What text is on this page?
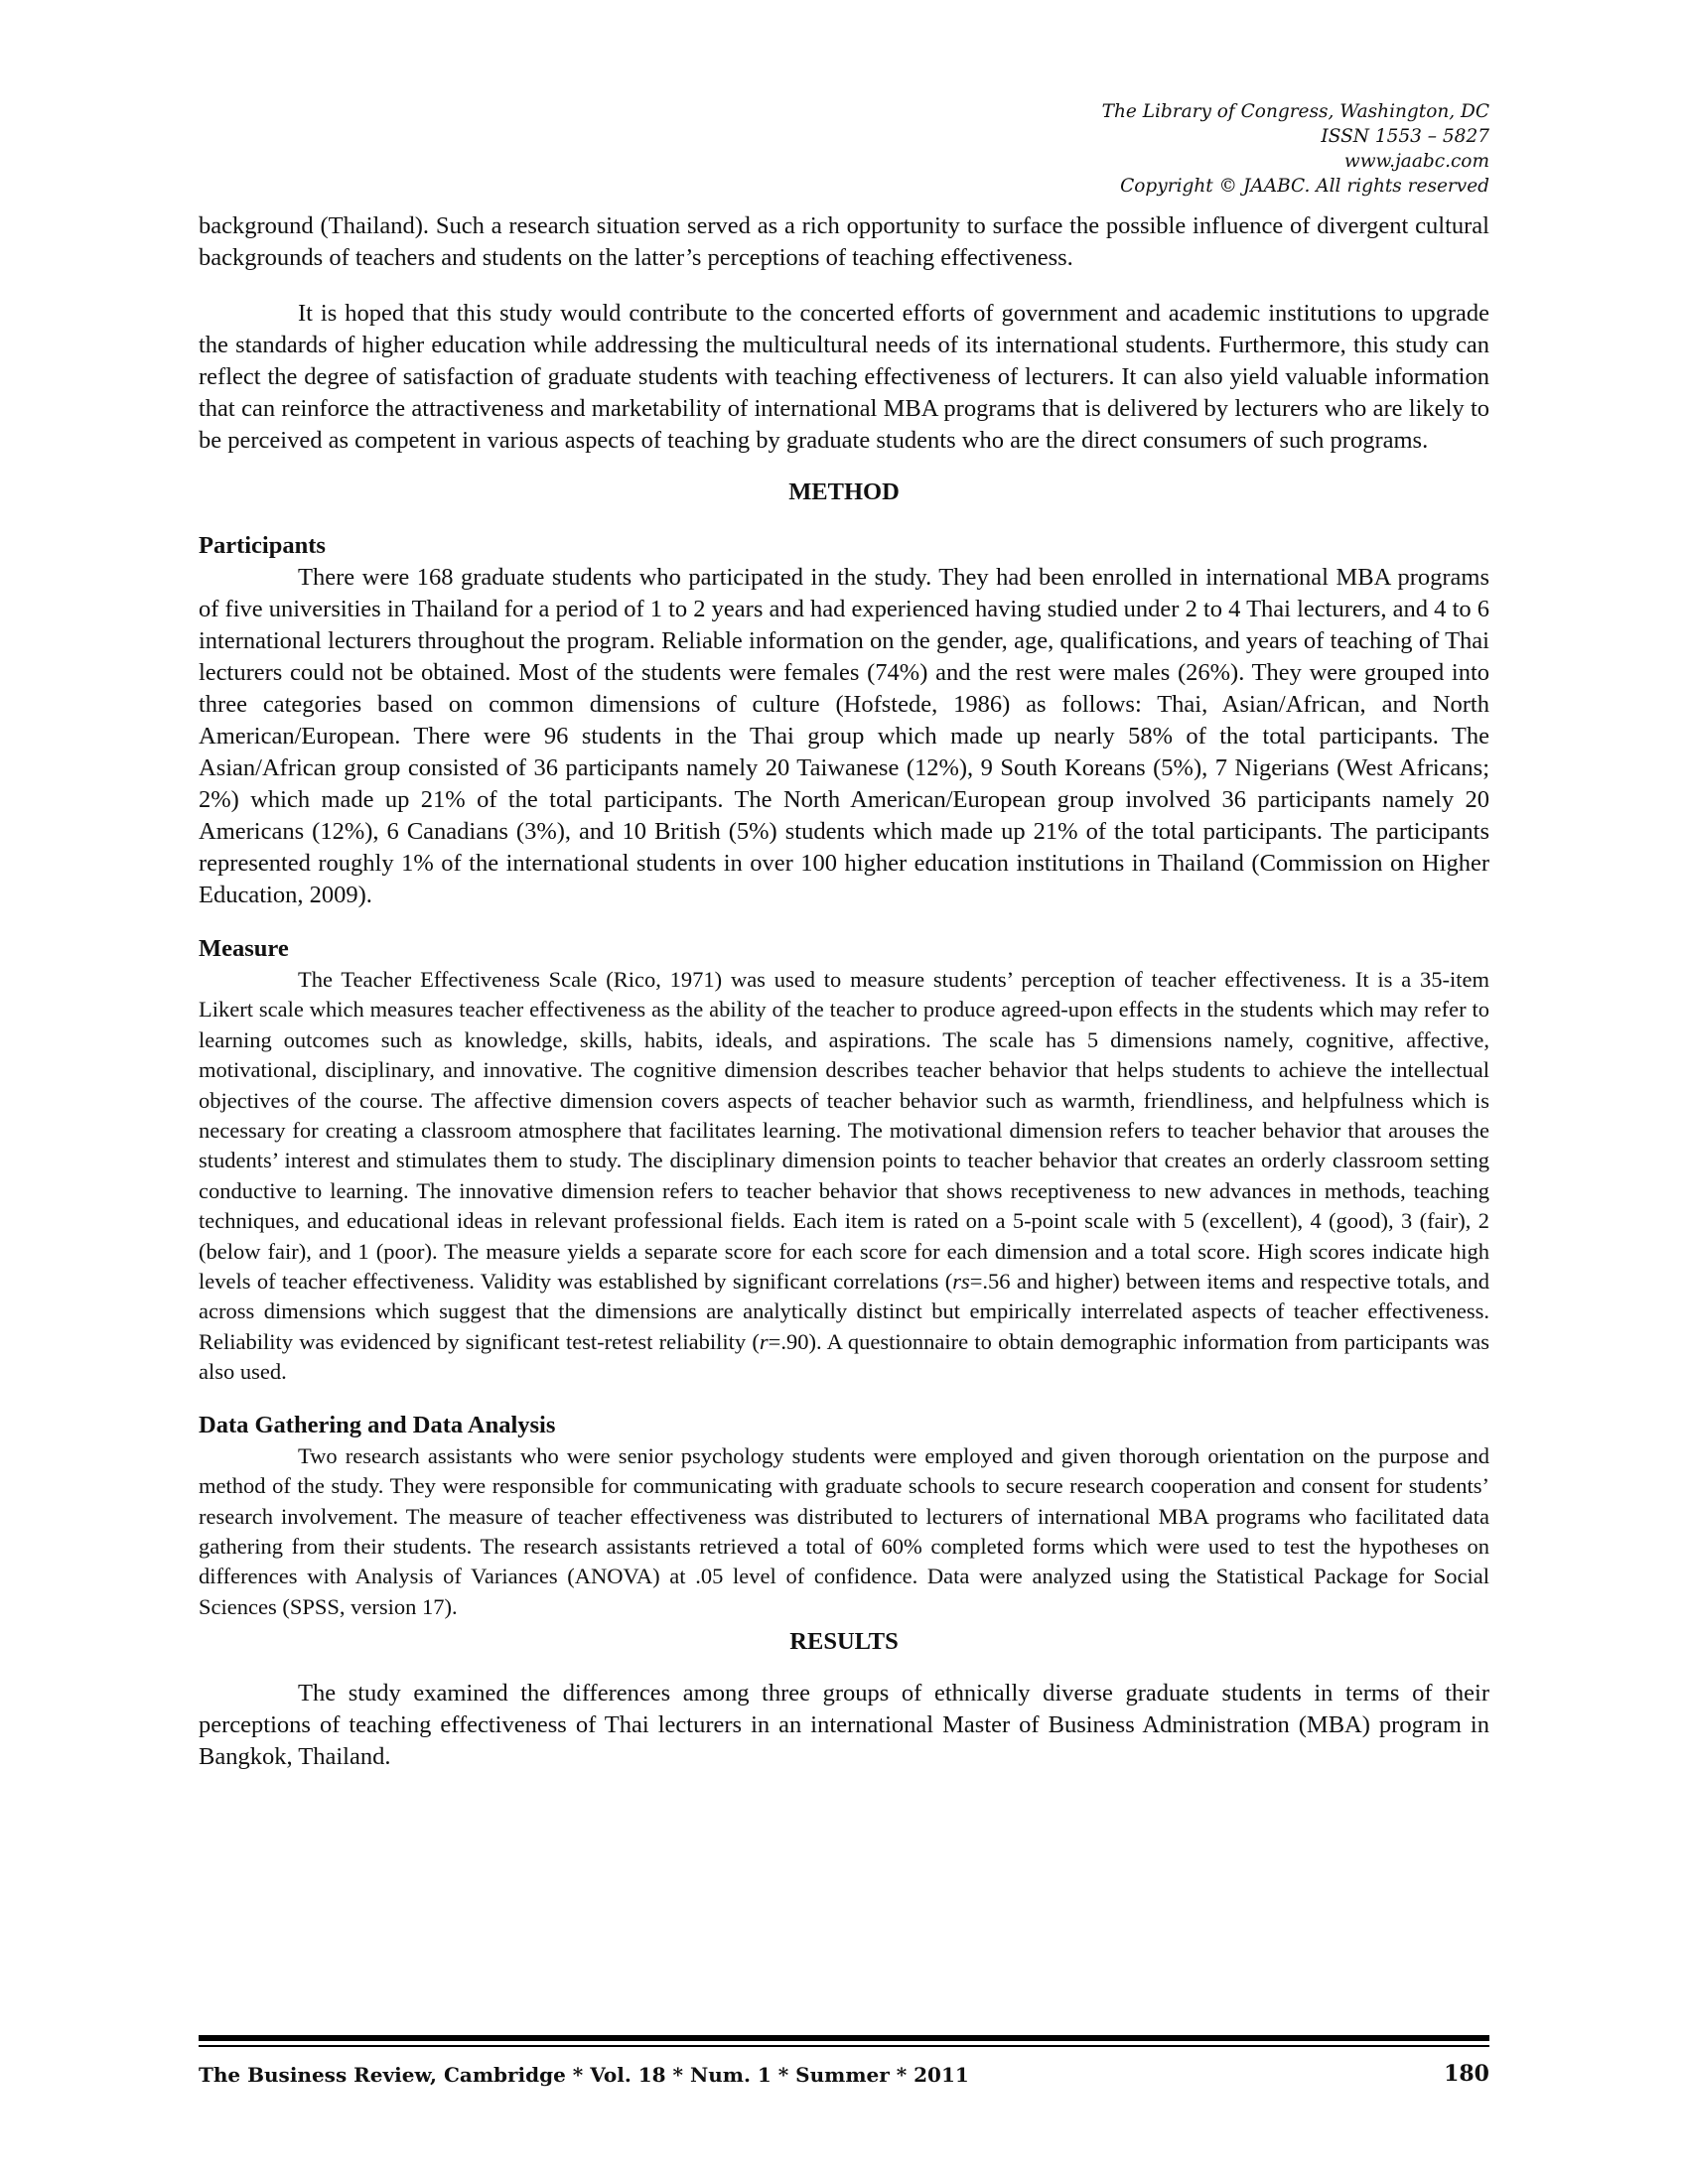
The Library of Congress, Washington, DC
ISSN 1553 – 5827
www.jaabc.com
Copyright © JAABC. All rights reserved

background (Thailand). Such a research situation served as a rich opportunity to surface the possible influence of divergent cultural backgrounds of teachers and students on the latter’s perceptions of teaching effectiveness.

It is hoped that this study would contribute to the concerted efforts of government and academic institutions to upgrade the standards of higher education while addressing the multicultural needs of its international students. Furthermore, this study can reflect the degree of satisfaction of graduate students with teaching effectiveness of lecturers. It can also yield valuable information that can reinforce the attractiveness and marketability of international MBA programs that is delivered by lecturers who are likely to be perceived as competent in various aspects of teaching by graduate students who are the direct consumers of such programs.

METHOD
Participants

There were 168 graduate students who participated in the study. They had been enrolled in international MBA programs of five universities in Thailand for a period of 1 to 2 years and had experienced having studied under 2 to 4 Thai lecturers, and 4 to 6 international lecturers throughout the program. Reliable information on the gender, age, qualifications, and years of teaching of Thai lecturers could not be obtained. Most of the students were females (74%) and the rest were males (26%). They were grouped into three categories based on common dimensions of culture (Hofstede, 1986) as follows: Thai, Asian/African, and North American/European. There were 96 students in the Thai group which made up nearly 58% of the total participants. The Asian/African group consisted of 36 participants namely 20 Taiwanese (12%), 9 South Koreans (5%), 7 Nigerians (West Africans; 2%) which made up 21% of the total participants. The North American/European group involved 36 participants namely 20 Americans (12%), 6 Canadians (3%), and 10 British (5%) students which made up 21% of the total participants. The participants represented roughly 1% of the international students in over 100 higher education institutions in Thailand (Commission on Higher Education, 2009).

Measure

The Teacher Effectiveness Scale (Rico, 1971) was used to measure students’ perception of teacher effectiveness. It is a 35-item Likert scale which measures teacher effectiveness as the ability of the teacher to produce agreed-upon effects in the students which may refer to learning outcomes such as knowledge, skills, habits, ideals, and aspirations. The scale has 5 dimensions namely, cognitive, affective, motivational, disciplinary, and innovative. The cognitive dimension describes teacher behavior that helps students to achieve the intellectual objectives of the course. The affective dimension covers aspects of teacher behavior such as warmth, friendliness, and helpfulness which is necessary for creating a classroom atmosphere that facilitates learning. The motivational dimension refers to teacher behavior that arouses the students’ interest and stimulates them to study. The disciplinary dimension points to teacher behavior that creates an orderly classroom setting conductive to learning. The innovative dimension refers to teacher behavior that shows receptiveness to new advances in methods, teaching techniques, and educational ideas in relevant professional fields. Each item is rated on a 5-point scale with 5 (excellent), 4 (good), 3 (fair), 2 (below fair), and 1 (poor). The measure yields a separate score for each score for each dimension and a total score. High scores indicate high levels of teacher effectiveness. Validity was established by significant correlations (rs=.56 and higher) between items and respective totals, and across dimensions which suggest that the dimensions are analytically distinct but empirically interrelated aspects of teacher effectiveness. Reliability was evidenced by significant test-retest reliability (r=.90). A questionnaire to obtain demographic information from participants was also used.

Data Gathering and Data Analysis

Two research assistants who were senior psychology students were employed and given thorough orientation on the purpose and method of the study. They were responsible for communicating with graduate schools to secure research cooperation and consent for students’ research involvement. The measure of teacher effectiveness was distributed to lecturers of international MBA programs who facilitated data gathering from their students. The research assistants retrieved a total of 60% completed forms which were used to test the hypotheses on differences with Analysis of Variances (ANOVA) at .05 level of confidence. Data were analyzed using the Statistical Package for Social Sciences (SPSS, version 17).

RESULTS

The study examined the differences among three groups of ethnically diverse graduate students in terms of their perceptions of teaching effectiveness of Thai lecturers in an international Master of Business Administration (MBA) program in Bangkok, Thailand.

The Business Review, Cambridge * Vol. 18 * Num. 1 * Summer * 2011	180
